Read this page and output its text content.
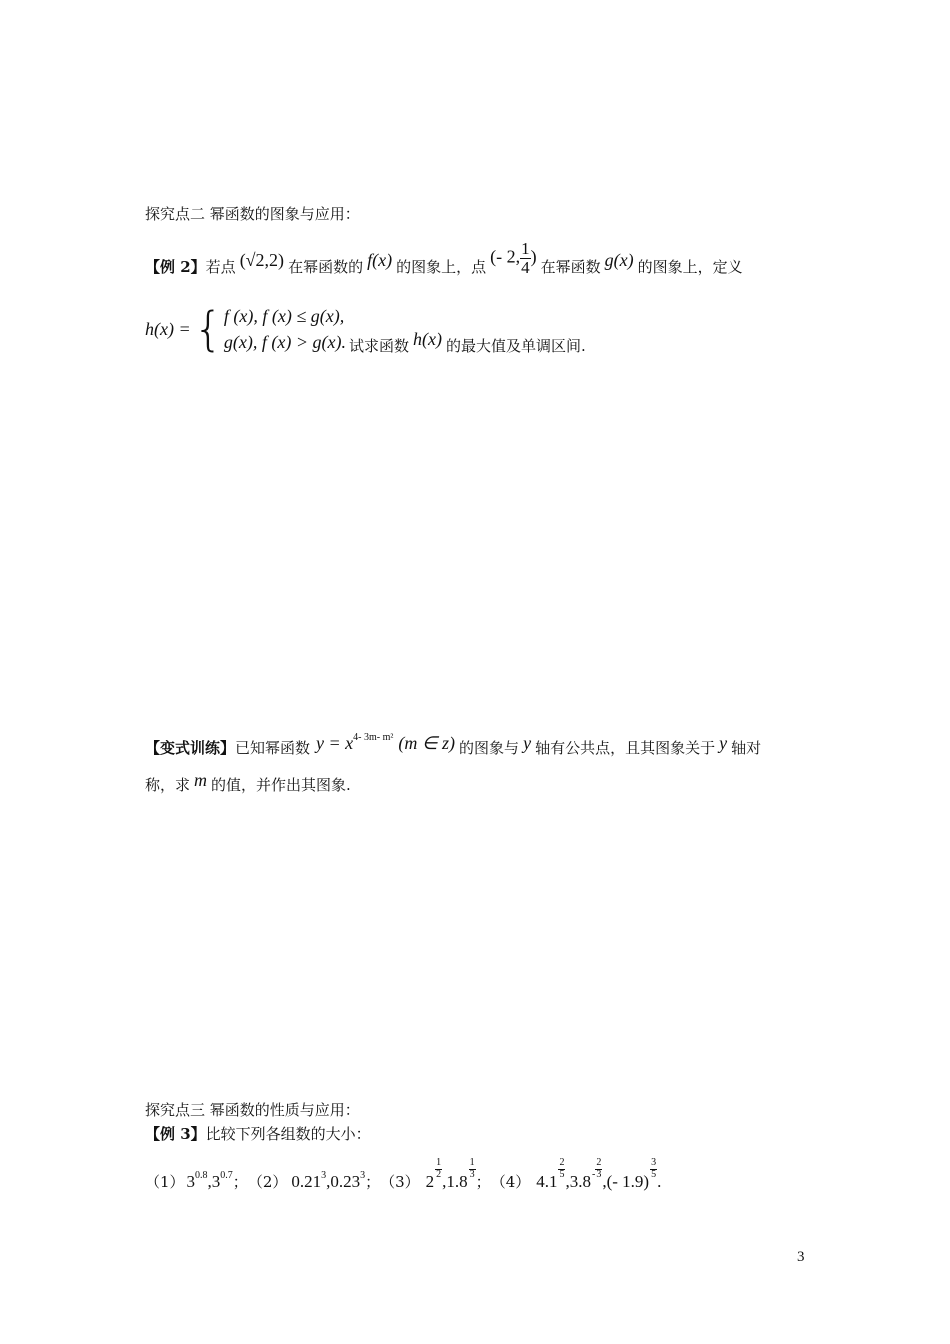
探究点二 幂函数的图象与应用：
【例 2】 若点 (√2,2) 在幂函数的 f(x) 的图象上，点
(- 2, $\frac{1}{4}$ )
在幂函数 g(x) 的图象上，定义
h(x) = { f (x), f (x) ≤ g(x),
g(x), f (x) > g(x). 试求函数 h(x) 的最大值及单调区间.
【变式训练】 已知幂函数 $y = x^{4- 3m- m^2}$ (m ∈ z) 的图象与 y 轴有公共点，且其图象关于 y 轴对
称，求 m 的值，并作出其图象.
探究点三 幂函数的性质与应用：
【例 3】比较下列各组数的大小：
（1） $3^{0.8},3^{0.7}$ ； （2） 0.21$^3$,0.23$^3$ ； （3） 2
$\frac{1}{2}$
,1.8
$\frac{1}{3}$
； （4） 4.1
$\frac{2}{5}$
$,3.8 - \frac{2}{3}$
,(- 1.9)
$\frac{3}{5}$
.
3
